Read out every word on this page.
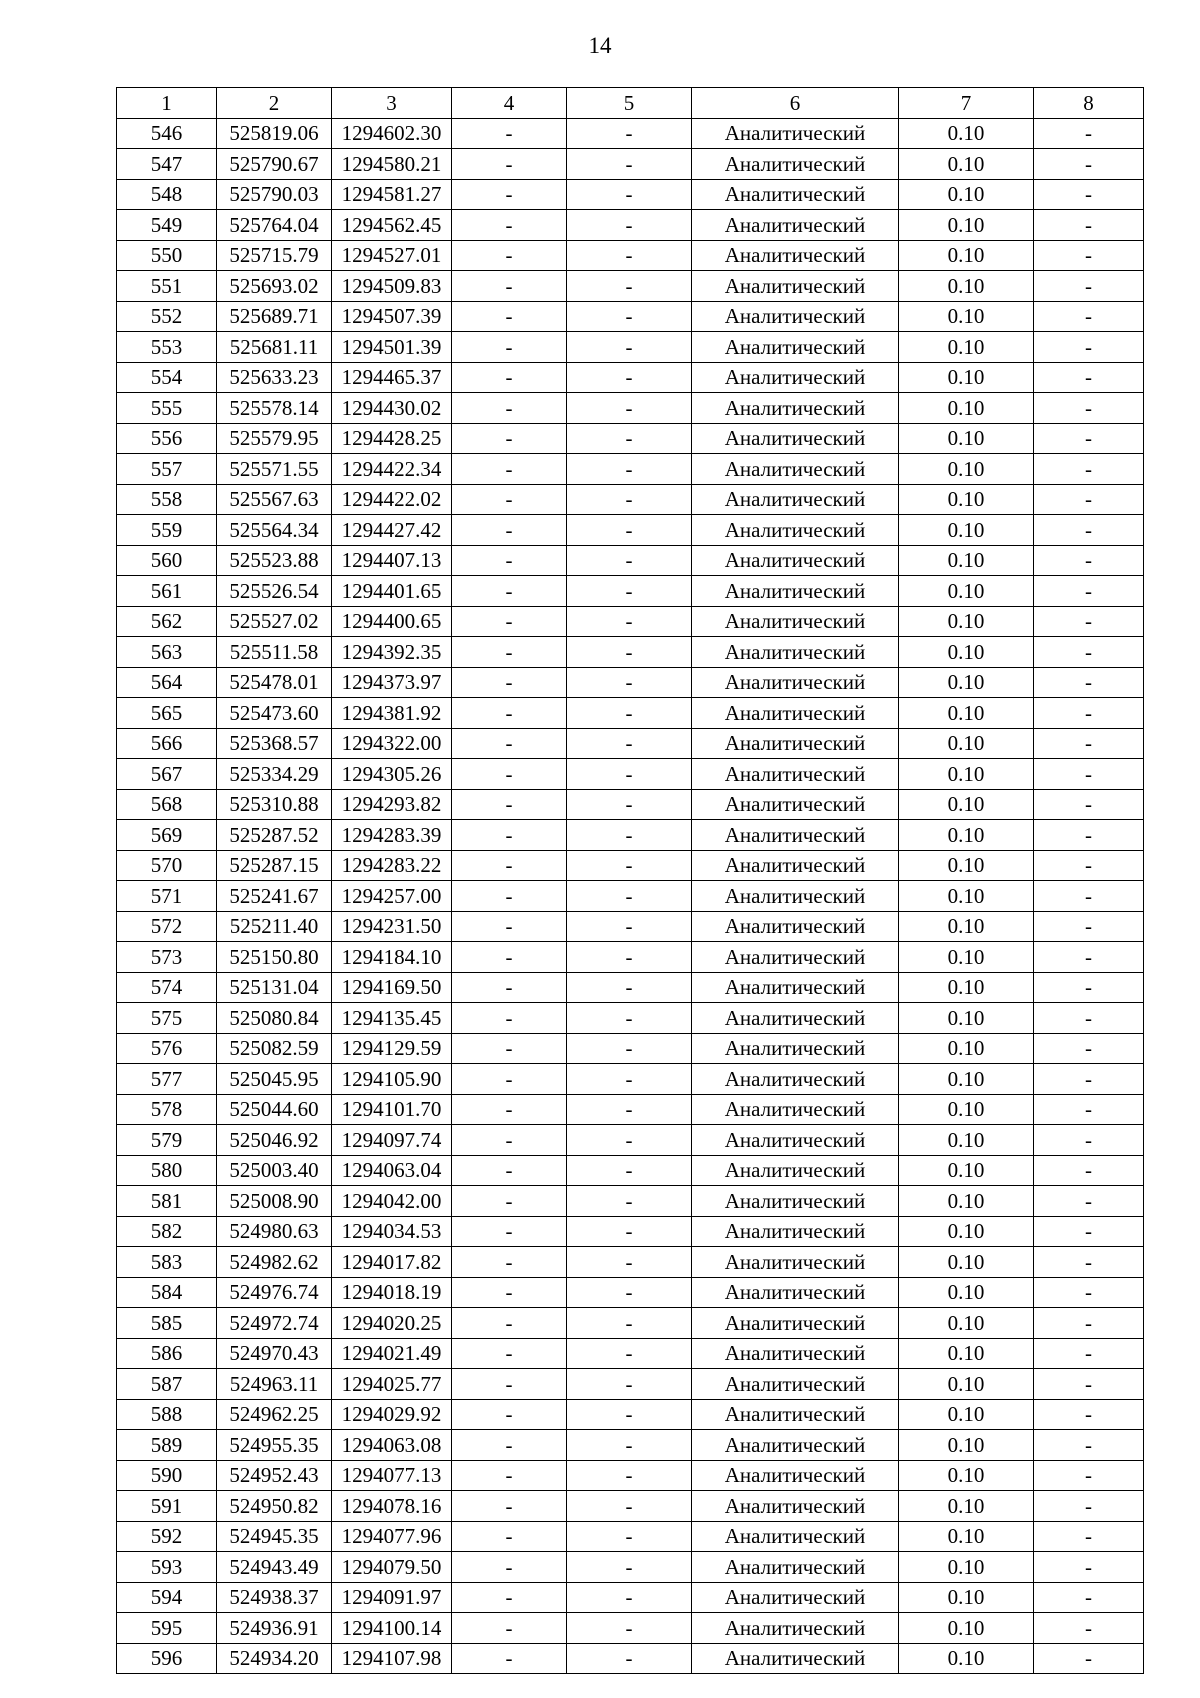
14
1	2	3	4	5	6	7	8
546	525819.06	1294602.30	-	-	Аналитический	0.10	-
547	525790.67	1294580.21	-	-	Аналитический	0.10	-
548	525790.03	1294581.27	-	-	Аналитический	0.10	-
549	525764.04	1294562.45	-	-	Аналитический	0.10	-
550	525715.79	1294527.01	-	-	Аналитический	0.10	-
551	525693.02	1294509.83	-	-	Аналитический	0.10	-
552	525689.71	1294507.39	-	-	Аналитический	0.10	-
553	525681.11	1294501.39	-	-	Аналитический	0.10	-
554	525633.23	1294465.37	-	-	Аналитический	0.10	-
555	525578.14	1294430.02	-	-	Аналитический	0.10	-
556	525579.95	1294428.25	-	-	Аналитический	0.10	-
557	525571.55	1294422.34	-	-	Аналитический	0.10	-
558	525567.63	1294422.02	-	-	Аналитический	0.10	-
559	525564.34	1294427.42	-	-	Аналитический	0.10	-
560	525523.88	1294407.13	-	-	Аналитический	0.10	-
561	525526.54	1294401.65	-	-	Аналитический	0.10	-
562	525527.02	1294400.65	-	-	Аналитический	0.10	-
563	525511.58	1294392.35	-	-	Аналитический	0.10	-
564	525478.01	1294373.97	-	-	Аналитический	0.10	-
565	525473.60	1294381.92	-	-	Аналитический	0.10	-
566	525368.57	1294322.00	-	-	Аналитический	0.10	-
567	525334.29	1294305.26	-	-	Аналитический	0.10	-
568	525310.88	1294293.82	-	-	Аналитический	0.10	-
569	525287.52	1294283.39	-	-	Аналитический	0.10	-
570	525287.15	1294283.22	-	-	Аналитический	0.10	-
571	525241.67	1294257.00	-	-	Аналитический	0.10	-
572	525211.40	1294231.50	-	-	Аналитический	0.10	-
573	525150.80	1294184.10	-	-	Аналитический	0.10	-
574	525131.04	1294169.50	-	-	Аналитический	0.10	-
575	525080.84	1294135.45	-	-	Аналитический	0.10	-
576	525082.59	1294129.59	-	-	Аналитический	0.10	-
577	525045.95	1294105.90	-	-	Аналитический	0.10	-
578	525044.60	1294101.70	-	-	Аналитический	0.10	-
579	525046.92	1294097.74	-	-	Аналитический	0.10	-
580	525003.40	1294063.04	-	-	Аналитический	0.10	-
581	525008.90	1294042.00	-	-	Аналитический	0.10	-
582	524980.63	1294034.53	-	-	Аналитический	0.10	-
583	524982.62	1294017.82	-	-	Аналитический	0.10	-
584	524976.74	1294018.19	-	-	Аналитический	0.10	-
585	524972.74	1294020.25	-	-	Аналитический	0.10	-
586	524970.43	1294021.49	-	-	Аналитический	0.10	-
587	524963.11	1294025.77	-	-	Аналитический	0.10	-
588	524962.25	1294029.92	-	-	Аналитический	0.10	-
589	524955.35	1294063.08	-	-	Аналитический	0.10	-
590	524952.43	1294077.13	-	-	Аналитический	0.10	-
591	524950.82	1294078.16	-	-	Аналитический	0.10	-
592	524945.35	1294077.96	-	-	Аналитический	0.10	-
593	524943.49	1294079.50	-	-	Аналитический	0.10	-
594	524938.37	1294091.97	-	-	Аналитический	0.10	-
595	524936.91	1294100.14	-	-	Аналитический	0.10	-
596	524934.20	1294107.98	-	-	Аналитический	0.10	-
